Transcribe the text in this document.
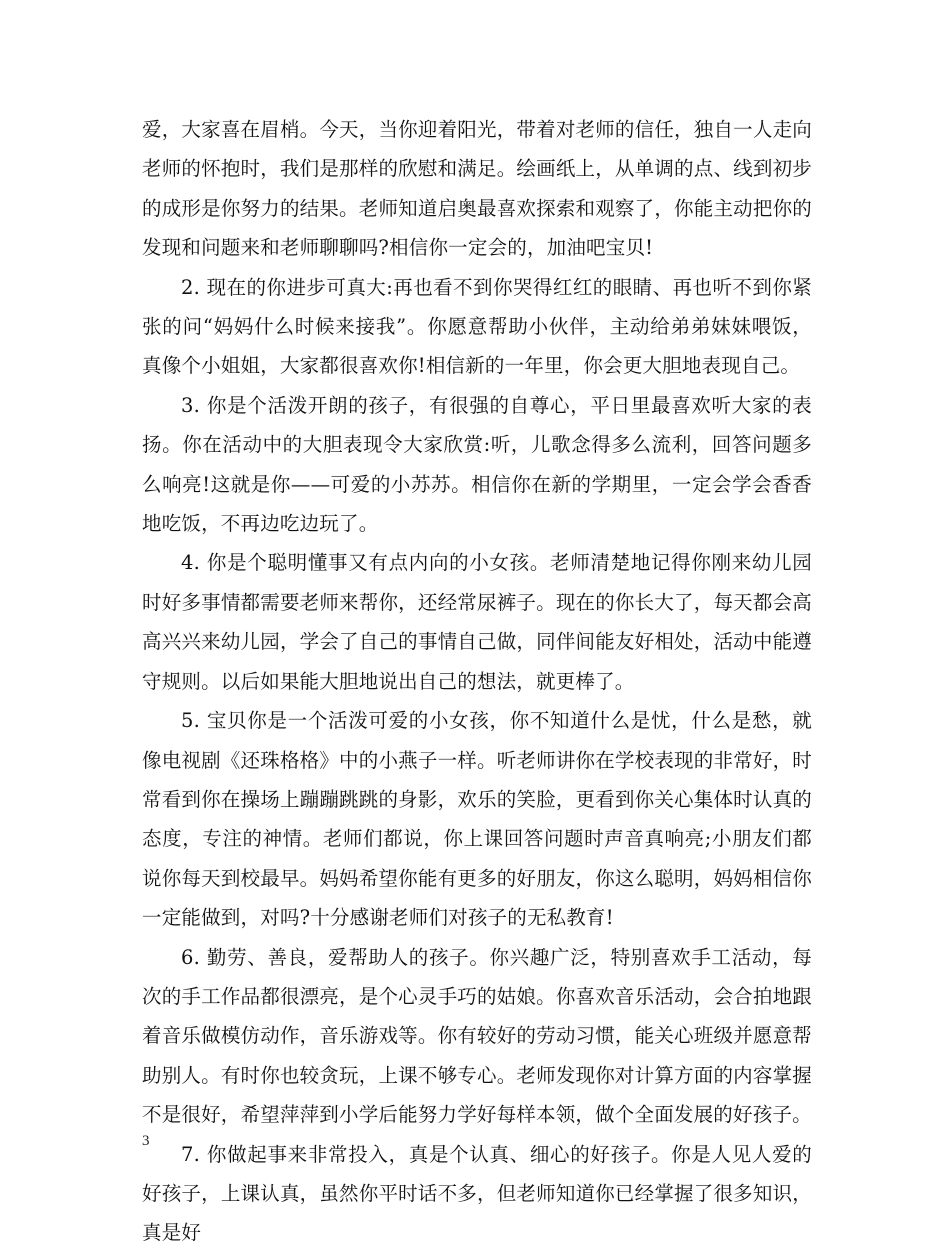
爱，大家喜在眉梢。今天，当你迎着阳光，带着对老师的信任，独自一人走向老师的怀抱时，我们是那样的欣慰和满足。绘画纸上，从单调的点、线到初步的成形是你努力的结果。老师知道启奥最喜欢探索和观察了，你能主动把你的发现和问题来和老师聊聊吗?相信你一定会的，加油吧宝贝!

2. 现在的你进步可真大:再也看不到你哭得红红的眼睛、再也听不到你紧张的问“妈妈什么时候来接我”。你愿意帮助小伙伴，主动给弟弟妹妹喂饭，真像个小姐姐，大家都很喜欢你!相信新的一年里，你会更大胆地表现自己。

3. 你是个活泼开朗的孩子，有很强的自尊心，平日里最喜欢听大家的表扬。你在活动中的大胆表现令大家欣赏:听，儿歌念得多么流利，回答问题多么响亮!这就是你——可爱的小苏苏。相信你在新的学期里，一定会学会香香地吃饭，不再边吃边玩了。

4. 你是个聪明懂事又有点内向的小女孩。老师清楚地记得你刚来幼儿园时好多事情都需要老师来帮你，还经常尿裤子。现在的你长大了，每天都会高高兴兴来幼儿园，学会了自己的事情自己做，同伴间能友好相处，活动中能遵守规则。以后如果能大胆地说出自己的想法，就更棒了。

5. 宝贝你是一个活泼可爱的小女孩，你不知道什么是忧，什么是愁，就像电视剧《还珠格格》中的小燕子一样。听老师讲你在学校表现的非常好，时常看到你在操场上蹦蹦跳跳的身影，欢乐的笑脸，更看到你关心集体时认真的态度，专注的神情。老师们都说，你上课回答问题时声音真响亮;小朋友们都说你每天到校最早。妈妈希望你能有更多的好朋友，你这么聪明，妈妈相信你一定能做到，对吗?十分感谢老师们对孩子的无私教育!

6. 勤劳、善良，爱帮助人的孩子。你兴趣广泛，特别喜欢手工活动，每次的手工作品都很漂亮，是个心灵手巧的姑娘。你喜欢音乐活动，会合拍地跟着音乐做模仿动作，音乐游戏等。你有较好的劳动习惯，能关心班级并愿意帮助别人。有时你也较贪玩，上课不够专心。老师发现你对计算方面的内容掌握不是很好，希望萍萍到小学后能努力学好每样本领，做个全面发展的好孩子。

7. 你做起事来非常投入，真是个认真、细心的好孩子。你是人见人爱的好孩子，上课认真，虽然你平时话不多，但老师知道你已经掌握了很多知识，真是好

3
